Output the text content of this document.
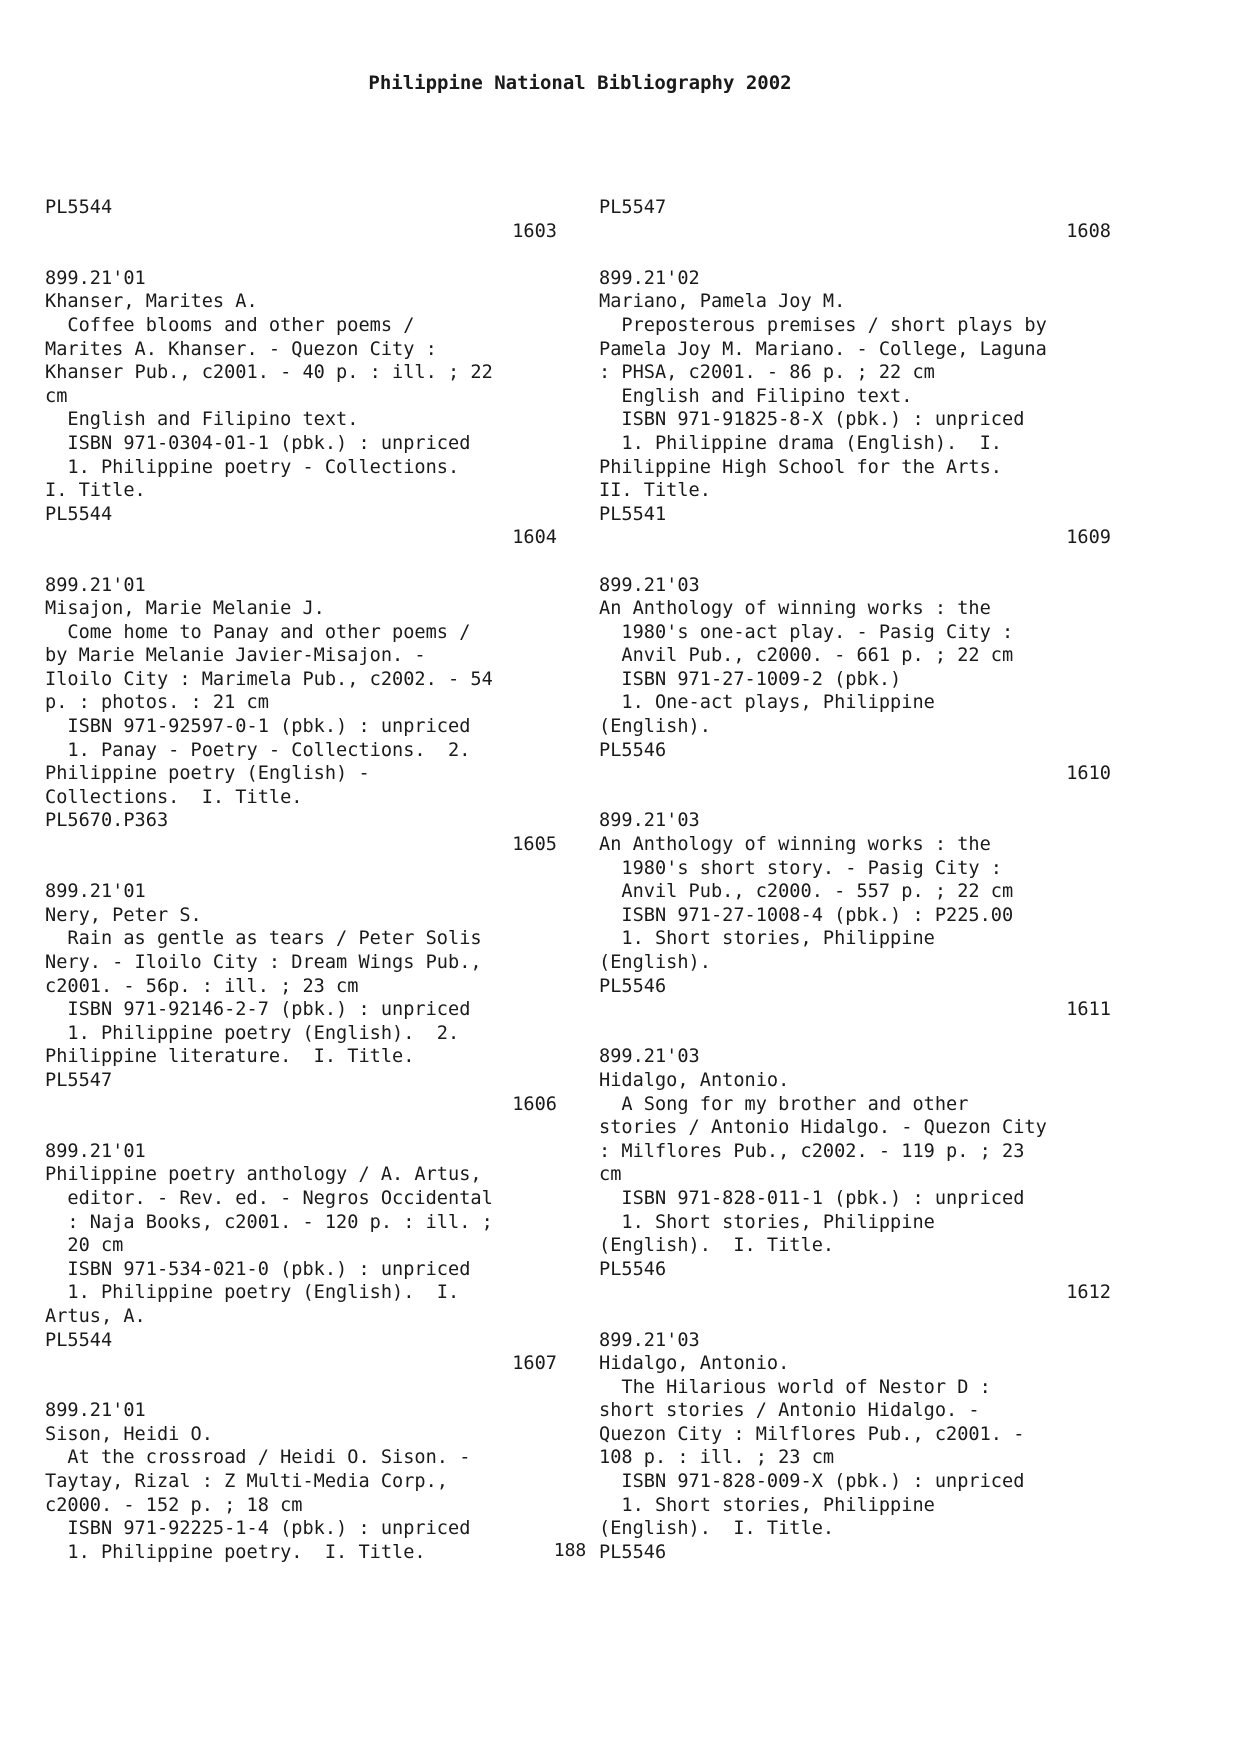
Philippine National Bibliography 2002
PL5544
1603
899.21'01
Khanser, Marites A.
Coffee blooms and other poems /
Marites A. Khanser. - Quezon City :
Khanser Pub., c2001. - 40 p. : ill. ; 22
cm
English and Filipino text.
ISBN 971-0304-01-1 (pbk.) : unpriced
1. Philippine poetry - Collections.
I. Title.
PL5544
1604
899.21'01
Misajon, Marie Melanie J.
Come home to Panay and other poems /
by Marie Melanie Javier-Misajon. -
Iloilo City : Marimela Pub., c2002. - 54
p. : photos. : 21 cm
ISBN 971-92597-0-1 (pbk.) : unpriced
1. Panay - Poetry - Collections.  2.
Philippine poetry (English) -
Collections.  I. Title.
PL5670.P363
1605
899.21'01
Nery, Peter S.
Rain as gentle as tears / Peter Solis
Nery. - Iloilo City : Dream Wings Pub.,
c2001. - 56p. : ill. ; 23 cm
ISBN 971-92146-2-7 (pbk.) : unpriced
1. Philippine poetry (English).  2.
Philippine literature.  I. Title.
PL5547
1606
899.21'01
Philippine poetry anthology / A. Artus,
editor. - Rev. ed. - Negros Occidental
: Naja Books, c2001. - 120 p. : ill. ;
20 cm
ISBN 971-534-021-0 (pbk.) : unpriced
1. Philippine poetry (English).  I.
Artus, A.
PL5544
1607
899.21'01
Sison, Heidi O.
At the crossroad / Heidi O. Sison. -
Taytay, Rizal : Z Multi-Media Corp.,
c2000. - 152 p. ; 18 cm
ISBN 971-92225-1-4 (pbk.) : unpriced
1. Philippine poetry.  I. Title.
PL5547
1608
899.21'02
Mariano, Pamela Joy M.
Preposterous premises / short plays by
Pamela Joy M. Mariano. - College, Laguna
: PHSA, c2001. - 86 p. ; 22 cm
English and Filipino text.
ISBN 971-91825-8-X (pbk.) : unpriced
1. Philippine drama (English).  I.
Philippine High School for the Arts.
II. Title.
PL5541
1609
899.21'03
An Anthology of winning works : the
1980's one-act play. - Pasig City :
Anvil Pub., c2000. - 661 p. ; 22 cm
ISBN 971-27-1009-2 (pbk.)
1. One-act plays, Philippine
(English).
PL5546
1610
899.21'03
An Anthology of winning works : the
1980's short story. - Pasig City :
Anvil Pub., c2000. - 557 p. ; 22 cm
ISBN 971-27-1008-4 (pbk.) : P225.00
1. Short stories, Philippine
(English).
PL5546
1611
899.21'03
Hidalgo, Antonio.
A Song for my brother and other
stories / Antonio Hidalgo. - Quezon City
: Milflores Pub., c2002. - 119 p. ; 23
cm
ISBN 971-828-011-1 (pbk.) : unpriced
1. Short stories, Philippine
(English).  I. Title.
PL5546
1612
899.21'03
Hidalgo, Antonio.
The Hilarious world of Nestor D :
short stories / Antonio Hidalgo. -
Quezon City : Milflores Pub., c2001. -
108 p. : ill. ; 23 cm
ISBN 971-828-009-X (pbk.) : unpriced
1. Short stories, Philippine
(English).  I. Title.
PL5546
188
